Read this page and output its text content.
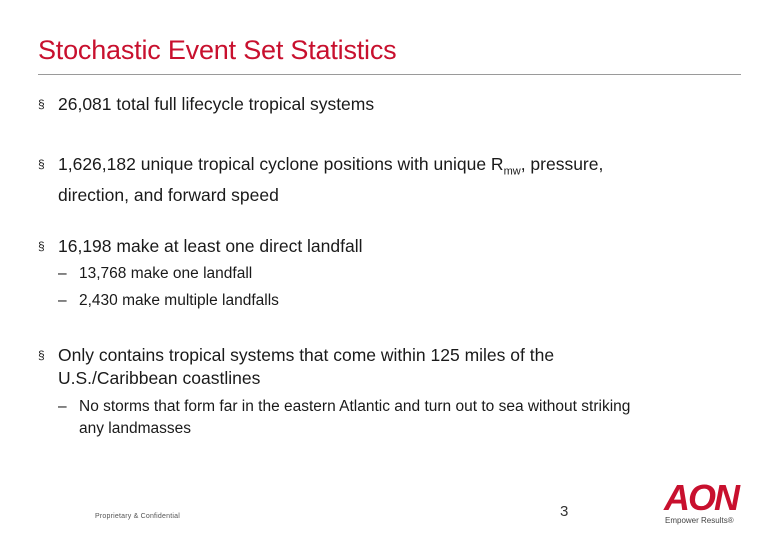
Stochastic Event Set Statistics
§ 26,081 total full lifecycle tropical systems
§ 1,626,182 unique tropical cyclone positions with unique $R_{mw}$, pressure,
direction, and forward speed
§ 16,198 make at least one direct landfall
– 13,768 make one landfall
– 2,430 make multiple landfalls
§ Only contains tropical systems that come within 125 miles of the
U.S./Caribbean coastlines
– No storms that form far in the eastern Atlantic and turn out to sea without striking
any landmasses
Proprietary & Confidential	3	AON
Empower Results®
